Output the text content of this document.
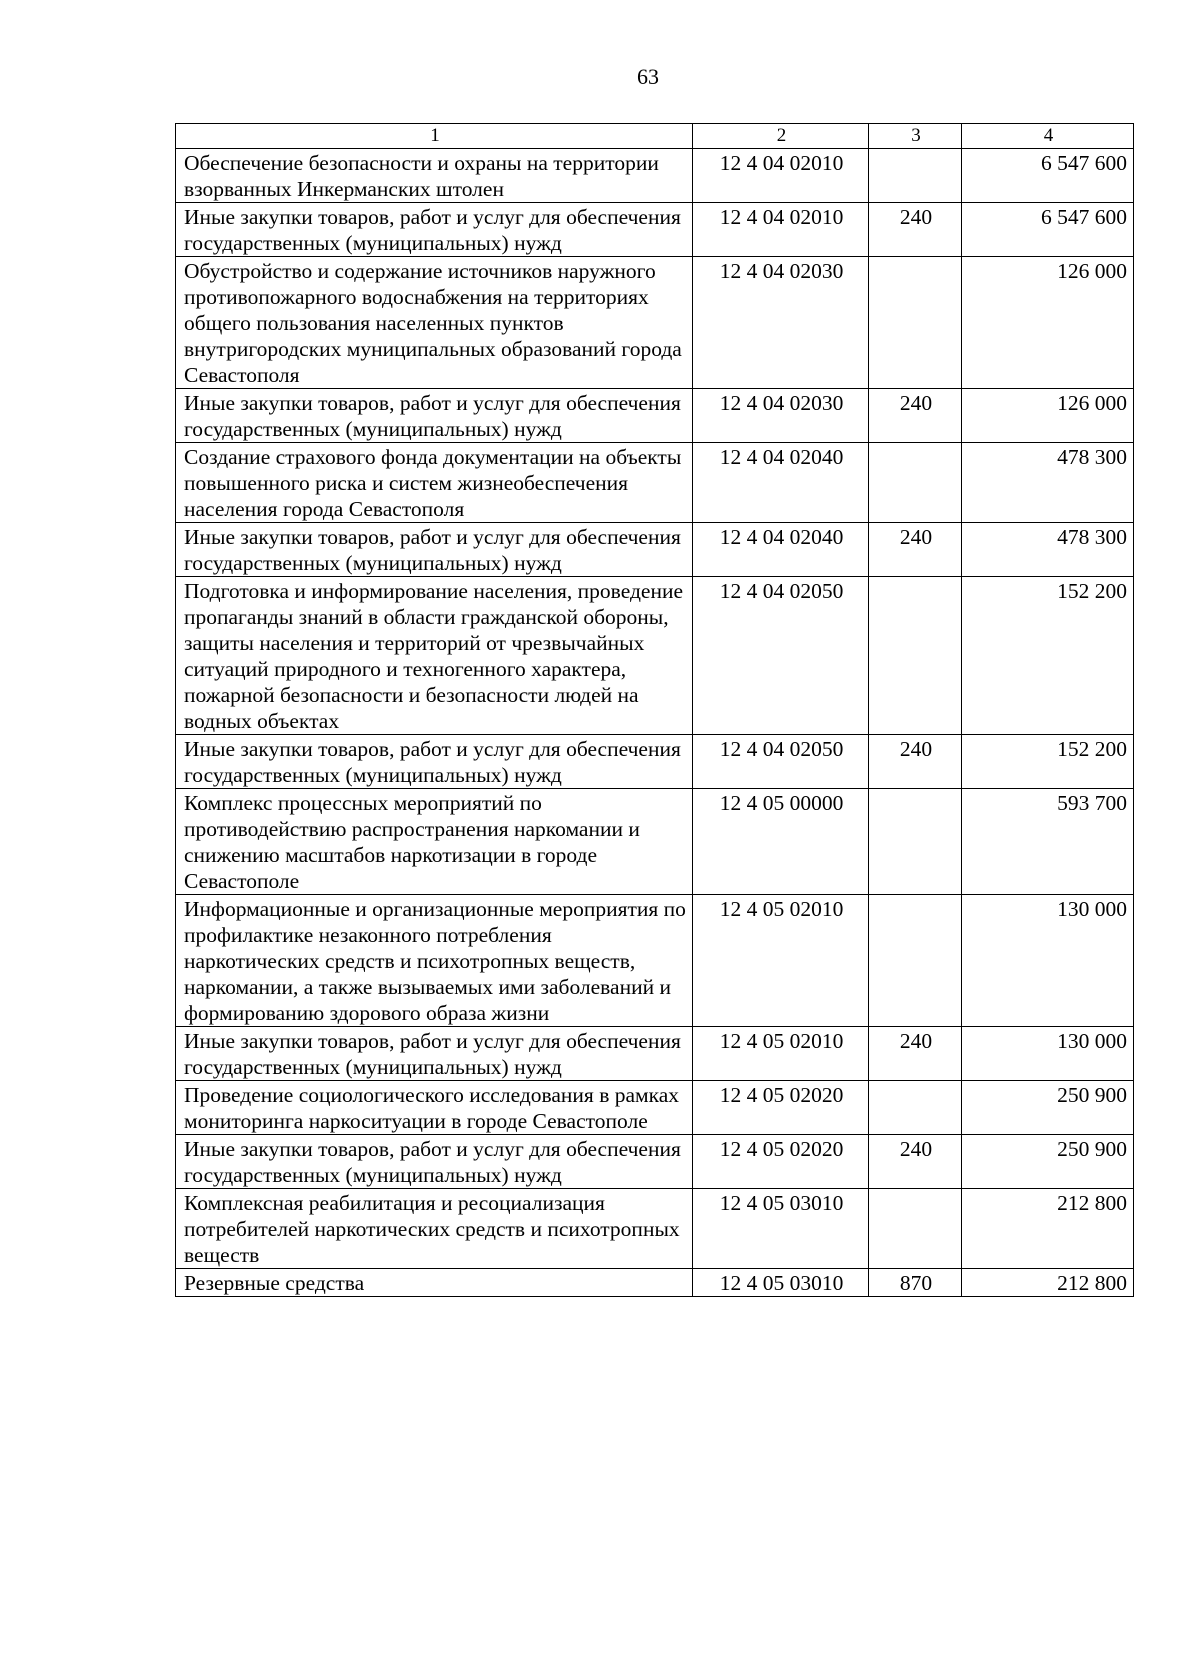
63
1	2	3	4
Обеспечение безопасности и охраны на территории взорванных Инкерманских штолен	12 4 04 02010		6 547 600
Иные закупки товаров, работ и услуг для обеспечения государственных (муниципальных) нужд	12 4 04 02010	240	6 547 600
Обустройство и содержание источников наружного противопожарного водоснабжения на территориях общего пользования населенных пунктов внутригородских муниципальных образований города Севастополя	12 4 04 02030		126 000
Иные закупки товаров, работ и услуг для обеспечения государственных (муниципальных) нужд	12 4 04 02030	240	126 000
Создание страхового фонда документации на объекты повышенного риска и систем жизнеобеспечения населения города Севастополя	12 4 04 02040		478 300
Иные закупки товаров, работ и услуг для обеспечения государственных (муниципальных) нужд	12 4 04 02040	240	478 300
Подготовка и информирование населения, проведение пропаганды знаний в области гражданской обороны, защиты населения и территорий от чрезвычайных ситуаций природного и техногенного характера, пожарной безопасности и безопасности людей на водных объектах	12 4 04 02050		152 200
Иные закупки товаров, работ и услуг для обеспечения государственных (муниципальных) нужд	12 4 04 02050	240	152 200
Комплекс процессных мероприятий по противодействию распространения наркомании и снижению масштабов наркотизации в городе Севастополе	12 4 05 00000		593 700
Информационные и организационные мероприятия по профилактике незаконного потребления наркотических средств и психотропных веществ, наркомании, а также вызываемых ими заболеваний и формированию здорового образа жизни	12 4 05 02010		130 000
Иные закупки товаров, работ и услуг для обеспечения государственных (муниципальных) нужд	12 4 05 02010	240	130 000
Проведение социологического исследования в рамках мониторинга наркоситуации в городе Севастополе	12 4 05 02020		250 900
Иные закупки товаров, работ и услуг для обеспечения государственных (муниципальных) нужд	12 4 05 02020	240	250 900
Комплексная реабилитация и ресоциализация потребителей наркотических средств и психотропных веществ	12 4 05 03010		212 800
Резервные средства	12 4 05 03010	870	212 800
